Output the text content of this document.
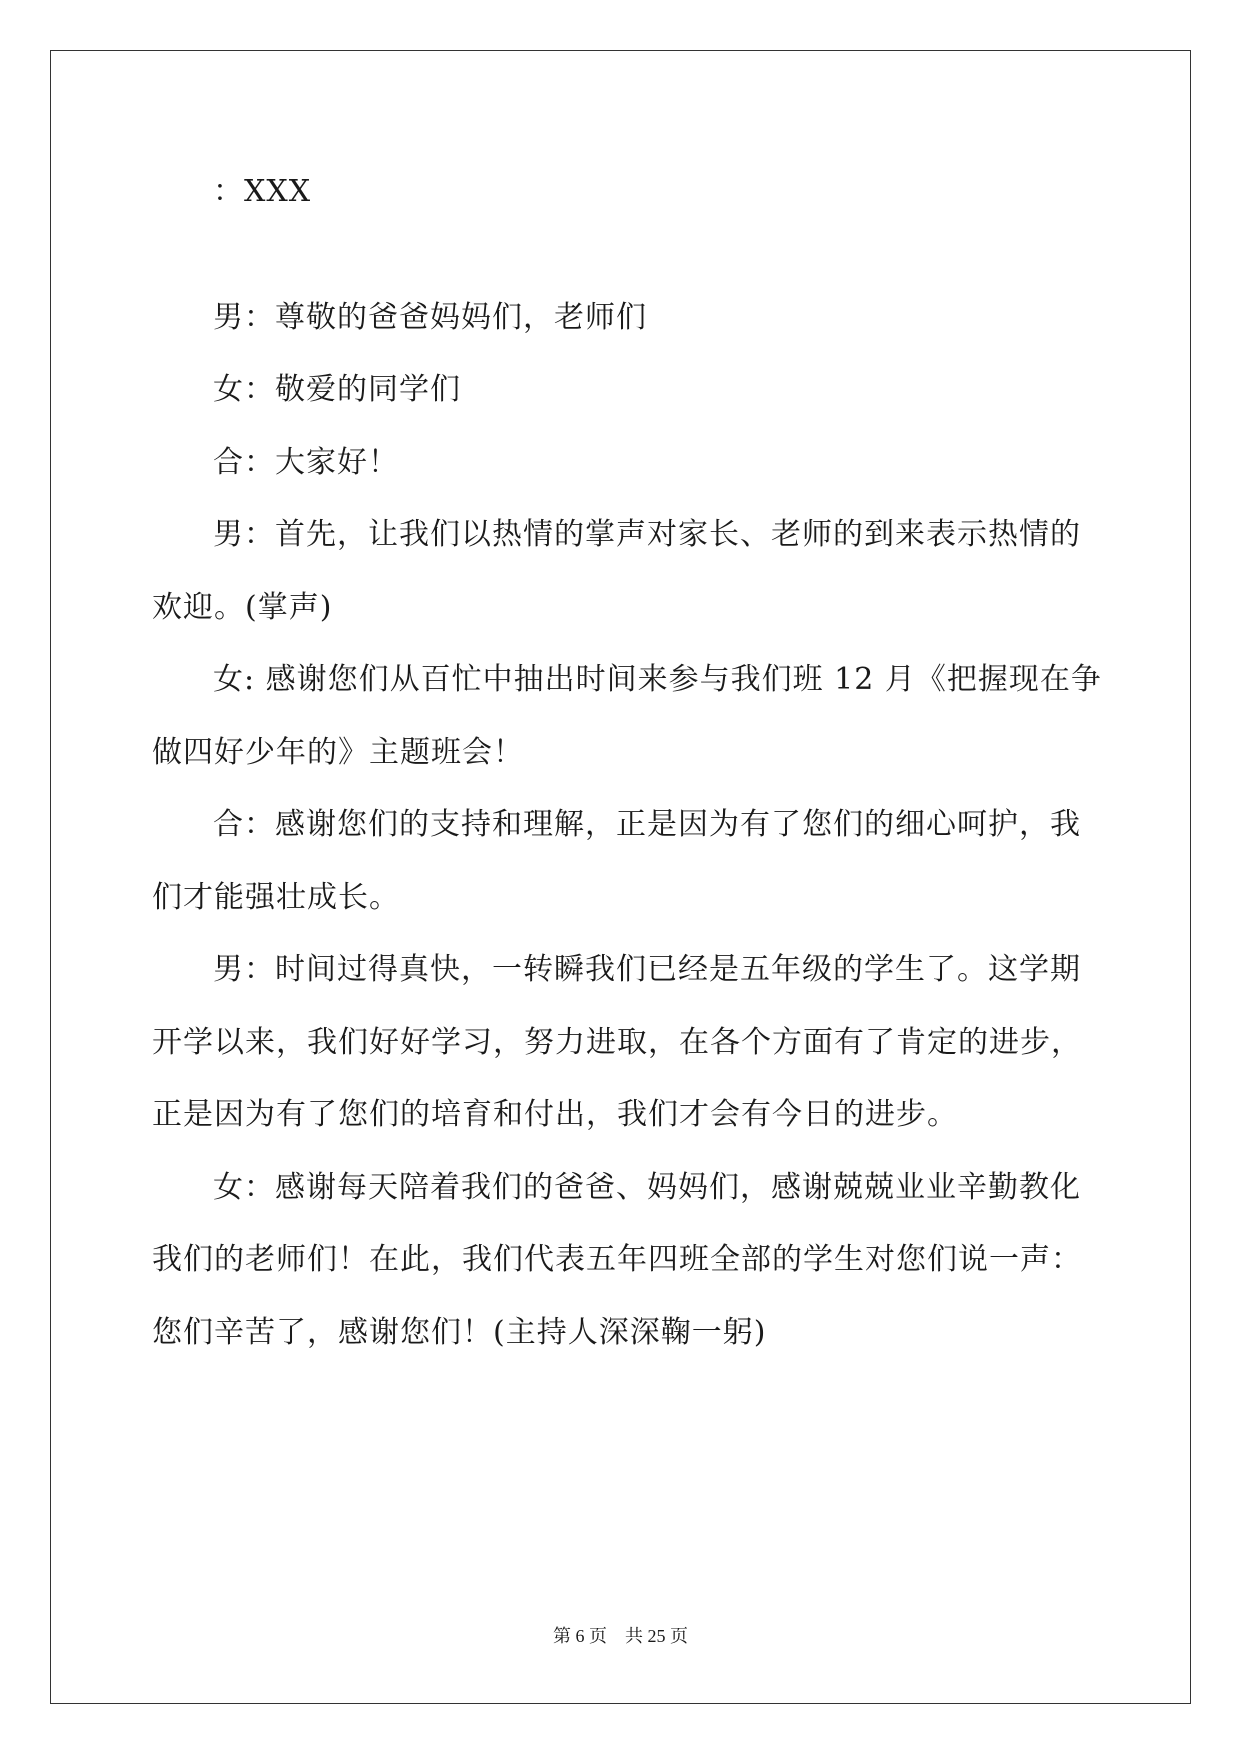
：XXX
男：尊敬的爸爸妈妈们，老师们
女：敬爱的同学们
合：大家好！
男：首先，让我们以热情的掌声对家长、老师的到来表示热情的
欢迎。(掌声)
女: 感谢您们从百忙中抽出时间来参与我们班 12 月《把握现在争
做四好少年的》主题班会！
合：感谢您们的支持和理解，正是因为有了您们的细心呵护，我
们才能强壮成长。
男：时间过得真快，一转瞬我们已经是五年级的学生了。这学期
开学以来，我们好好学习，努力进取，在各个方面有了肯定的进步，
正是因为有了您们的培育和付出，我们才会有今日的进步。
女：感谢每天陪着我们的爸爸、妈妈们，感谢兢兢业业辛勤教化
我们的老师们！在此，我们代表五年四班全部的学生对您们说一声：
您们辛苦了，感谢您们！(主持人深深鞠一躬)
第 6 页    共 25 页
